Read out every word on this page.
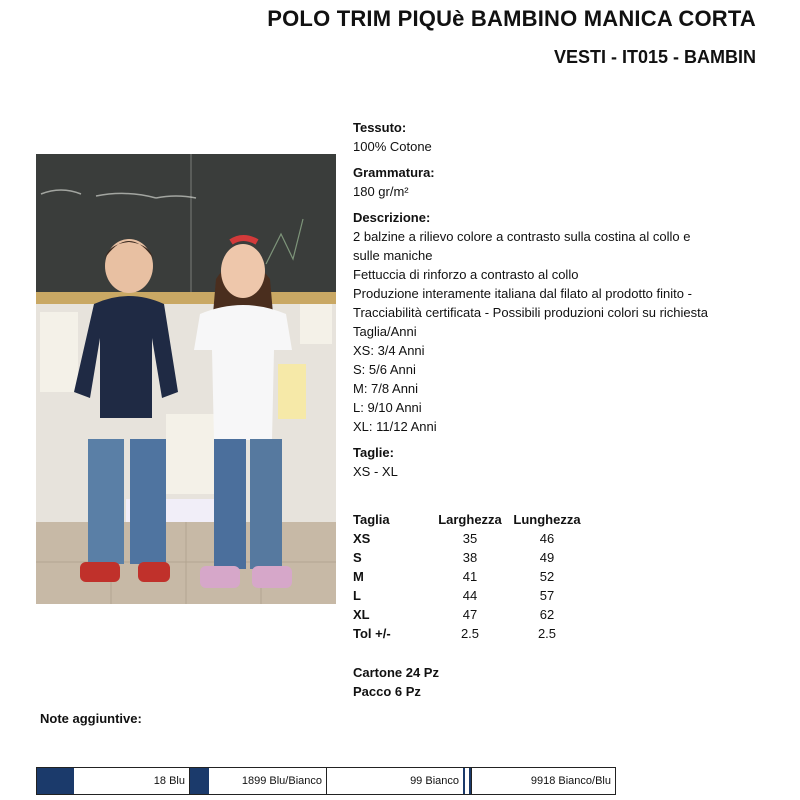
POLO TRIM PIQUè BAMBINO MANICA CORTA
VESTI - IT015 - BAMBIN
Tessuto:
100% Cotone
Grammatura:
180 gr/m²
Descrizione:
2 balzine a rilievo colore a contrasto sulla costina al collo e
sulle maniche
Fettuccia di rinforzo a contrasto al collo
Produzione interamente italiana dal filato al prodotto finito -
Tracciabilità certificata - Possibili produzioni colori su richiesta
Taglia/Anni
XS: 3/4 Anni
S: 5/6 Anni
M: 7/8 Anni
L: 9/10 Anni
XL: 11/12 Anni
Taglie:
XS - XL
Taglia	Larghezza	Lunghezza
XS	35	46
S	38	49
M	41	52
L	44	57
XL	47	62
Tol +/-	2.5	2.5
Cartone 24 Pz
Pacco 6 Pz

Note aggiuntive:

18 Blu	1899 Blu/Bianco	99 Bianco	9918 Bianco/Blu
